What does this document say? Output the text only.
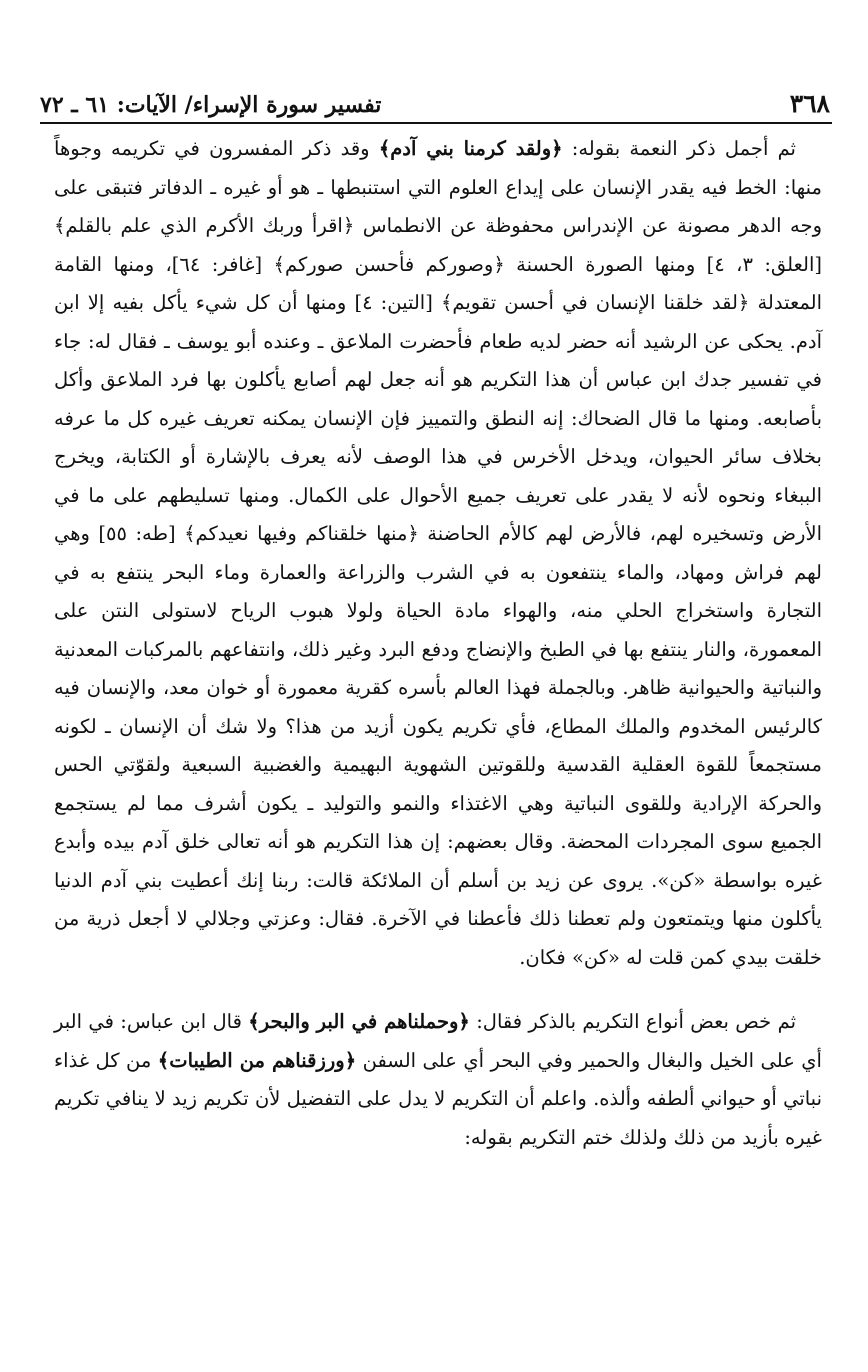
٣٦٨
تفسير سورة الإسراء/ الآيات: ٦١ ـ ٧٢

ثم أجمل ذكر النعمة بقوله: ﴿ولقد كرمنا بني آدم﴾ وقد ذكر المفسرون في تكريمه وجوهاً منها: الخط فيه يقدر الإنسان على إيداع العلوم التي استنبطها ـ هو أو غيره ـ الدفاتر فتبقى على وجه الدهر مصونة عن الإندراس محفوظة عن الانطماس ﴿اقرأ وربك الأكرم الذي علم بالقلم﴾ [العلق: ٣، ٤] ومنها الصورة الحسنة ﴿وصوركم فأحسن صوركم﴾ [غافر: ٦٤]، ومنها القامة المعتدلة ﴿لقد خلقنا الإنسان في أحسن تقويم﴾ [التين: ٤] ومنها أن كل شيء يأكل بفيه إلا ابن آدم. يحكى عن الرشيد أنه حضر لديه طعام فأحضرت الملاعق ـ وعنده أبو يوسف ـ فقال له: جاء في تفسير جدك ابن عباس أن هذا التكريم هو أنه جعل لهم أصابع يأكلون بها فرد الملاعق وأكل بأصابعه. ومنها ما قال الضحاك: إنه النطق والتمييز فإن الإنسان يمكنه تعريف غيره كل ما عرفه بخلاف سائر الحيوان، ويدخل الأخرس في هذا الوصف لأنه يعرف بالإشارة أو الكتابة، ويخرج الببغاء ونحوه لأنه لا يقدر على تعريف جميع الأحوال على الكمال. ومنها تسليطهم على ما في الأرض وتسخيره لهم، فالأرض لهم كالأم الحاضنة ﴿منها خلقناكم وفيها نعيدكم﴾ [طه: ٥٥] وهي لهم فراش ومهاد، والماء ينتفعون به في الشرب والزراعة والعمارة وماء البحر ينتفع به في التجارة واستخراج الحلي منه، والهواء مادة الحياة ولولا هبوب الرياح لاستولى النتن على المعمورة، والنار ينتفع بها في الطبخ والإنضاج ودفع البرد وغير ذلك، وانتفاعهم بالمركبات المعدنية والنباتية والحيوانية ظاهر. وبالجملة فهذا العالم بأسره كقرية معمورة أو خوان معد، والإنسان فيه كالرئيس المخدوم والملك المطاع، فأي تكريم يكون أزيد من هذا؟ ولا شك أن الإنسان ـ لكونه مستجمعاً للقوة العقلية القدسية وللقوتين الشهوية البهيمية والغضبية السبعية ولقوّتي الحس والحركة الإرادية وللقوى النباتية وهي الاغتذاء والنمو والتوليد ـ يكون أشرف مما لم يستجمع الجميع سوى المجردات المحضة. وقال بعضهم: إن هذا التكريم هو أنه تعالى خلق آدم بيده وأبدع غيره بواسطة «كن». يروى عن زيد بن أسلم أن الملائكة قالت: ربنا إنك أعطيت بني آدم الدنيا يأكلون منها ويتمتعون ولم تعطنا ذلك فأعطنا في الآخرة. فقال: وعزتي وجلالي لا أجعل ذرية من خلقت بيدي كمن قلت له «كن» فكان.

ثم خص بعض أنواع التكريم بالذكر فقال: ﴿وحملناهم في البر والبحر﴾ قال ابن عباس: في البر أي على الخيل والبغال والحمير وفي البحر أي على السفن ﴿ورزقناهم من الطيبات﴾ من كل غذاء نباتي أو حيواني ألطفه وألذه. واعلم أن التكريم لا يدل على التفضيل لأن تكريم زيد لا ينافي تكريم غيره بأزيد من ذلك ولذلك ختم التكريم بقوله:
